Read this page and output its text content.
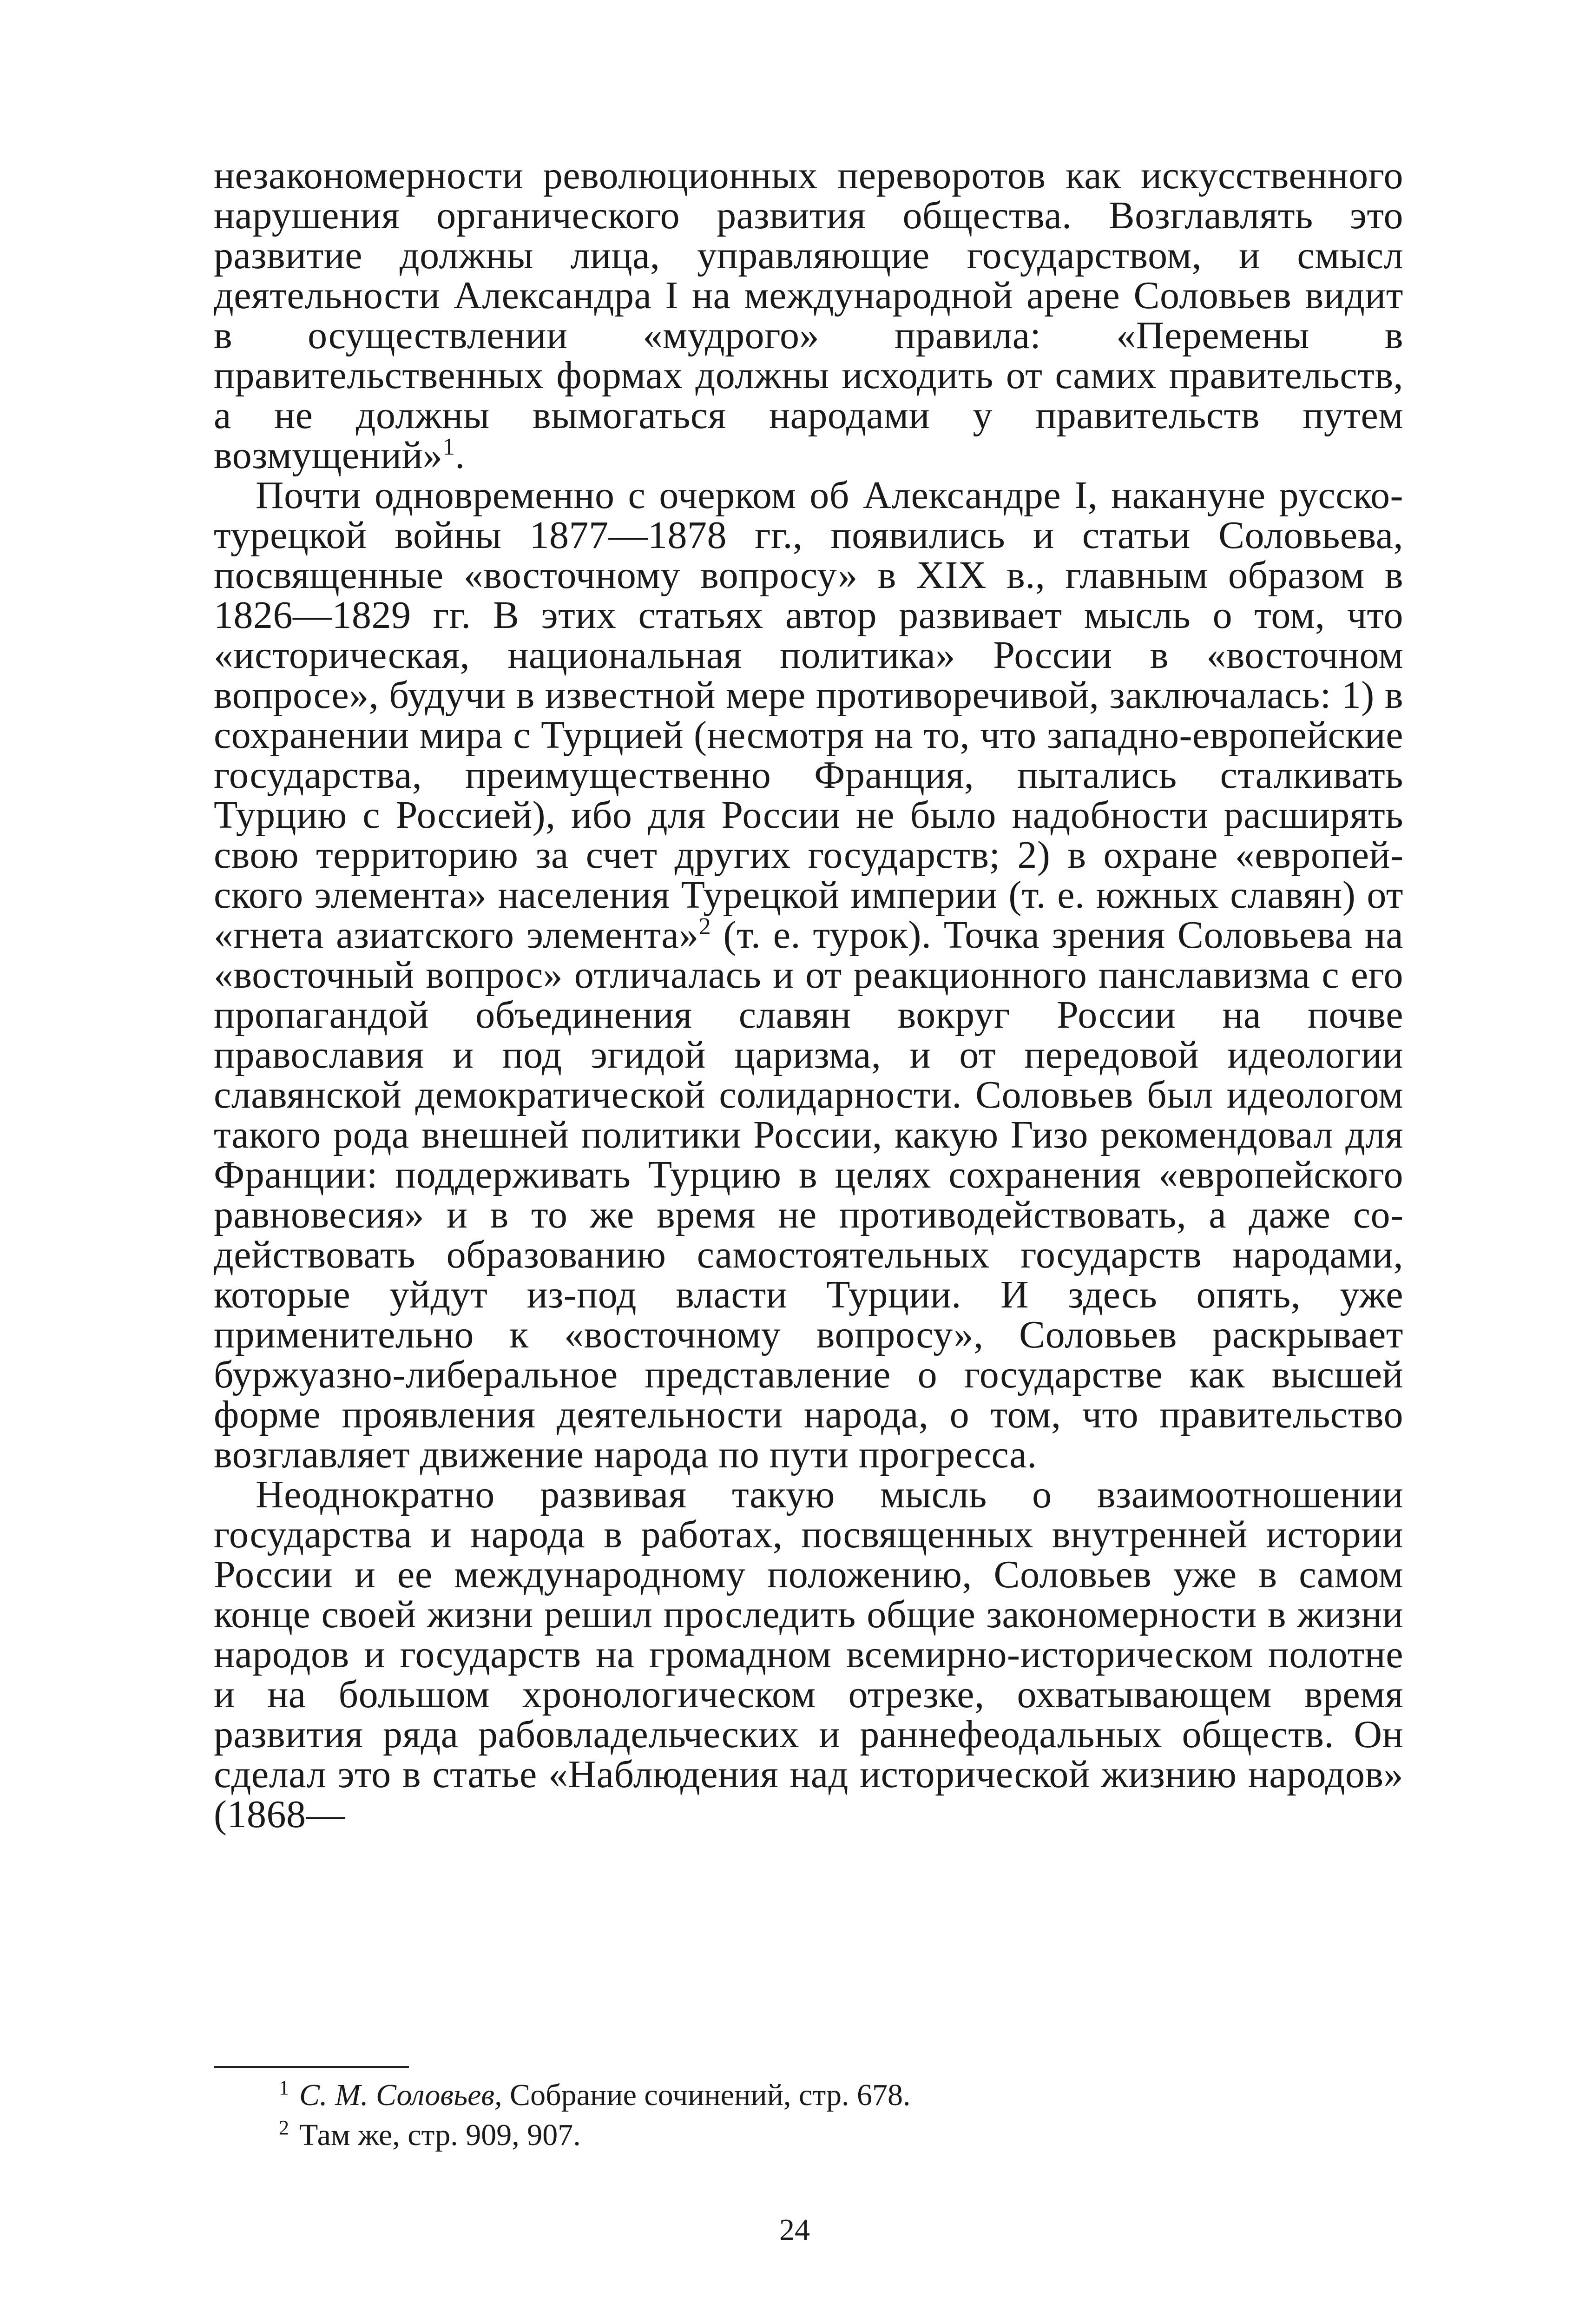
незакономерности революционных переворотов как искусственного нарушения органического развития общества. Возглавлять это развитие должны лица, управляющие государством, и смысл деятельности Александра I на международной арене Соловьев видит в осуществлении «мудрого» правила: «Перемены в правительственных формах должны исходить от самих правительств, а не должны вымогаться народами у правительств путем возмущений»$^1$.

Почти одновременно с очерком об Александре I, накануне русско-турецкой войны 1877—1878 гг., появились и статьи Соловьева, посвященные «восточному вопросу» в XIX в., главным образом в 1826—1829 гг. В этих статьях автор развивает мысль о том, что «историческая, национальная политика» России в «восточном вопросе», будучи в известной мере противоречивой, заключалась: 1) в сохранении мира с Турцией (несмотря на то, что западно-европейские государства, преимущественно Франция, пытались сталкивать Турцию с Россией), ибо для России не было надобности расширять свою территорию за счет других государств; 2) в охране «европейского элемента» населения Турецкой империи (т. е. южных славян) от «гнета азиатского элемента»$^2$ (т. е. турок). Точка зрения Соловьева на «восточный вопрос» отличалась и от реакционного панславизма с его пропагандой объединения славян вокруг России на почве православия и под эгидой царизма, и от передовой идеологии славянской демократической солидарности. Соловьев был идеологом такого рода внешней политики России, какую Гизо рекомендовал для Франции: поддерживать Турцию в целях сохранения «европейского равновесия» и в то же время не противодействовать, а даже содействовать образованию самостоятельных государств народами, которые уйдут из-под власти Турции. И здесь опять, уже применительно к «восточному вопросу», Соловьев раскрывает буржуазно-либеральное представление о государстве как высшей форме проявления деятельности народа, о том, что правительство возглавляет движение народа по пути прогресса.

Неоднократно развивая такую мысль о взаимоотношении государства и народа в работах, посвященных внутренней истории России и ее международному положению, Соловьев уже в самом конце своей жизни решил проследить общие закономерности в жизни народов и государств на громадном всемирно-историческом полотне и на большом хронологическом отрезке, охватывающем время развития ряда рабовладельческих и раннефеодальных обществ. Он сделал это в статье «Наблюдения над исторической жизнию народов» (1868—

$^1$ С. М. Соловьев, Собрание сочинений, стр. 678.

$^2$ Там же, стр. 909, 907.

24
